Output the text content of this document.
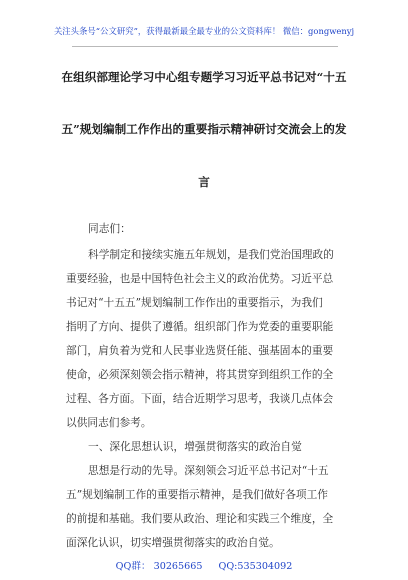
关注头条号“公文研究”，获得最新最全最专业的公文资料库！ 微信：gongwenyj
在组织部理论学习中心组专题学习习近平总书记对“十五
五”规划编制工作作出的重要指示精神研讨交流会上的发
言
同志们：
科学制定和接续实施五年规划，是我们党治国理政的
重要经验，也是中国特色社会主义的政治优势。习近平总
书记对“十五五”规划编制工作作出的重要指示，为我们
指明了方向、提供了遵循。组织部门作为党委的重要职能
部门，肩负着为党和人民事业选贤任能、强基固本的重要
使命，必须深刻领会指示精神，将其贯穿到组织工作的全
过程、各方面。下面，结合近期学习思考，我谈几点体会
以供同志们参考。
一、深化思想认识，增强贯彻落实的政治自觉
思想是行动的先导。深刻领会习近平总书记对“十五
五”规划编制工作的重要指示精神，是我们做好各项工作
的前提和基础。我们要从政治、理论和实践三个维度，全
面深化认识，切实增强贯彻落实的政治自觉。
QQ群： 30265665 QQ:535304092
